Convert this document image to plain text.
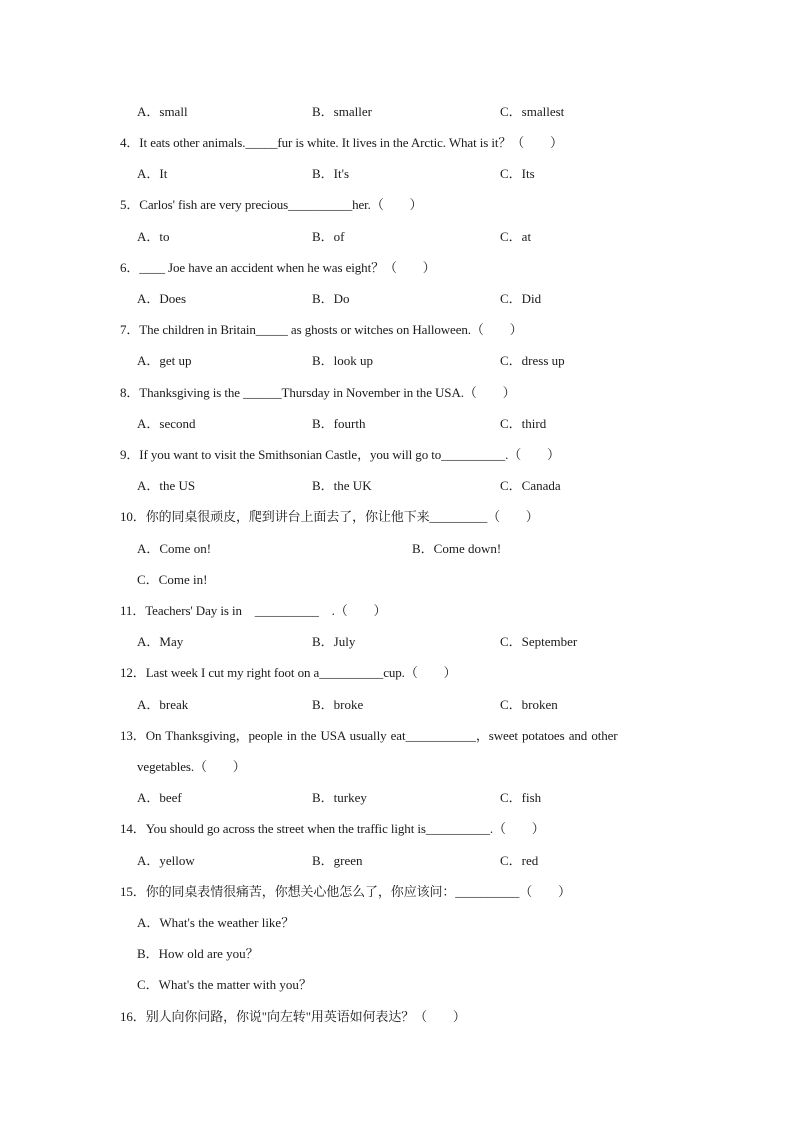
A．small	B．smaller	C．smallest
4．It eats other animals._____fur is white. It lives in the Arctic. What is it？（　　）
A．It	B．It's	C．Its
5．Carlos' fish are very precious__________her.（　　）
A．to	B．of	C．at
6．____ Joe have an accident when he was eight？（　　）
A．Does	B．Do	C．Did
7．The children in Britain_____ as ghosts or witches on Halloween.（　　）
A．get up	B．look up	C．dress up
8．Thanksgiving is the ______Thursday in November in the USA.（　　）
A．second	B．fourth	C．third
9．If you want to visit the Smithsonian Castle，you will go to__________.（　　）
A．the US	B．the UK	C．Canada
10．你的同桌很顽皮，爬到讲台上面去了，你让他下来_________（　　）
A．Come on!	B．Come down!
C．Come in!
11．Teachers' Day is in　__________　.（　　）
A．May	B．July	C．September
12．Last week I cut my right foot on a__________cup.（　　）
A．break	B．broke	C．broken
13．On Thanksgiving，people in the USA usually eat___________，sweet potatoes and other
vegetables.（　　）
A．beef	B．turkey	C．fish
14．You should go across the street when the traffic light is__________.（　　）
A．yellow	B．green	C．red
15．你的同桌表情很痛苦，你想关心他怎么了，你应该问：__________（　　）
A．What's the weather like？
B．How old are you？
C．What's the matter with you？
16．别人向你问路，你说"向左转"用英语如何表达？（　　）
